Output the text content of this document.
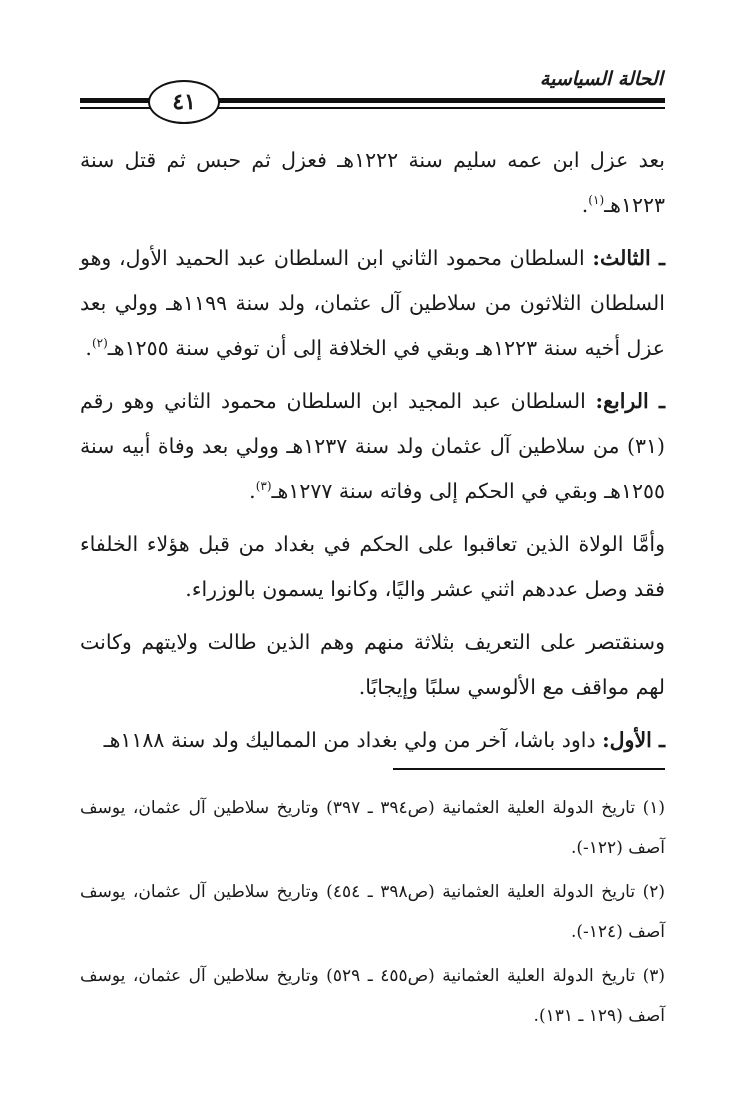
٤١
الحالة السياسية

بعد عزل ابن عمه سليم سنة ١٢٢٢هـ فعزل ثم حبس ثم قتل سنة ١٢٢٣هـ$^{(١)}$.

ـ الثالث: السلطان محمود الثاني ابن السلطان عبد الحميد الأول، وهو السلطان الثلاثون من سلاطين آل عثمان، ولد سنة ١١٩٩هـ وولي بعد عزل أخيه سنة ١٢٢٣هـ وبقي في الخلافة إلى أن توفي سنة ١٢٥٥هـ$^{(٢)}$.

ـ الرابع: السلطان عبد المجيد ابن السلطان محمود الثاني وهو رقم (٣١) من سلاطين آل عثمان ولد سنة ١٢٣٧هـ وولي بعد وفاة أبيه سنة ١٢٥٥هـ وبقي في الحكم إلى وفاته سنة ١٢٧٧هـ$^{(٣)}$.

وأمَّا الولاة الذين تعاقبوا على الحكم في بغداد من قبل هؤلاء الخلفاء فقد وصل عددهم اثني عشر واليًا، وكانوا يسمون بالوزراء.

وسنقتصر على التعريف بثلاثة منهم وهم الذين طالت ولايتهم وكانت لهم مواقف مع الألوسي سلبًا وإيجابًا.

ـ الأول: داود باشا، آخر من ولي بغداد من المماليك ولد سنة ١١٨٨هـ

(١) تاريخ الدولة العلية العثمانية (ص٣٩٤ ـ ٣٩٧) وتاريخ سلاطين آل عثمان، يوسف آصف (١٢٢-).

(٢) تاريخ الدولة العلية العثمانية (ص٣٩٨ ـ ٤٥٤) وتاريخ سلاطين آل عثمان، يوسف آصف (١٢٤-).

(٣) تاريخ الدولة العلية العثمانية (ص٤٥٥ ـ ٥٢٩) وتاريخ سلاطين آل عثمان، يوسف آصف (١٢٩ ـ ١٣١).
